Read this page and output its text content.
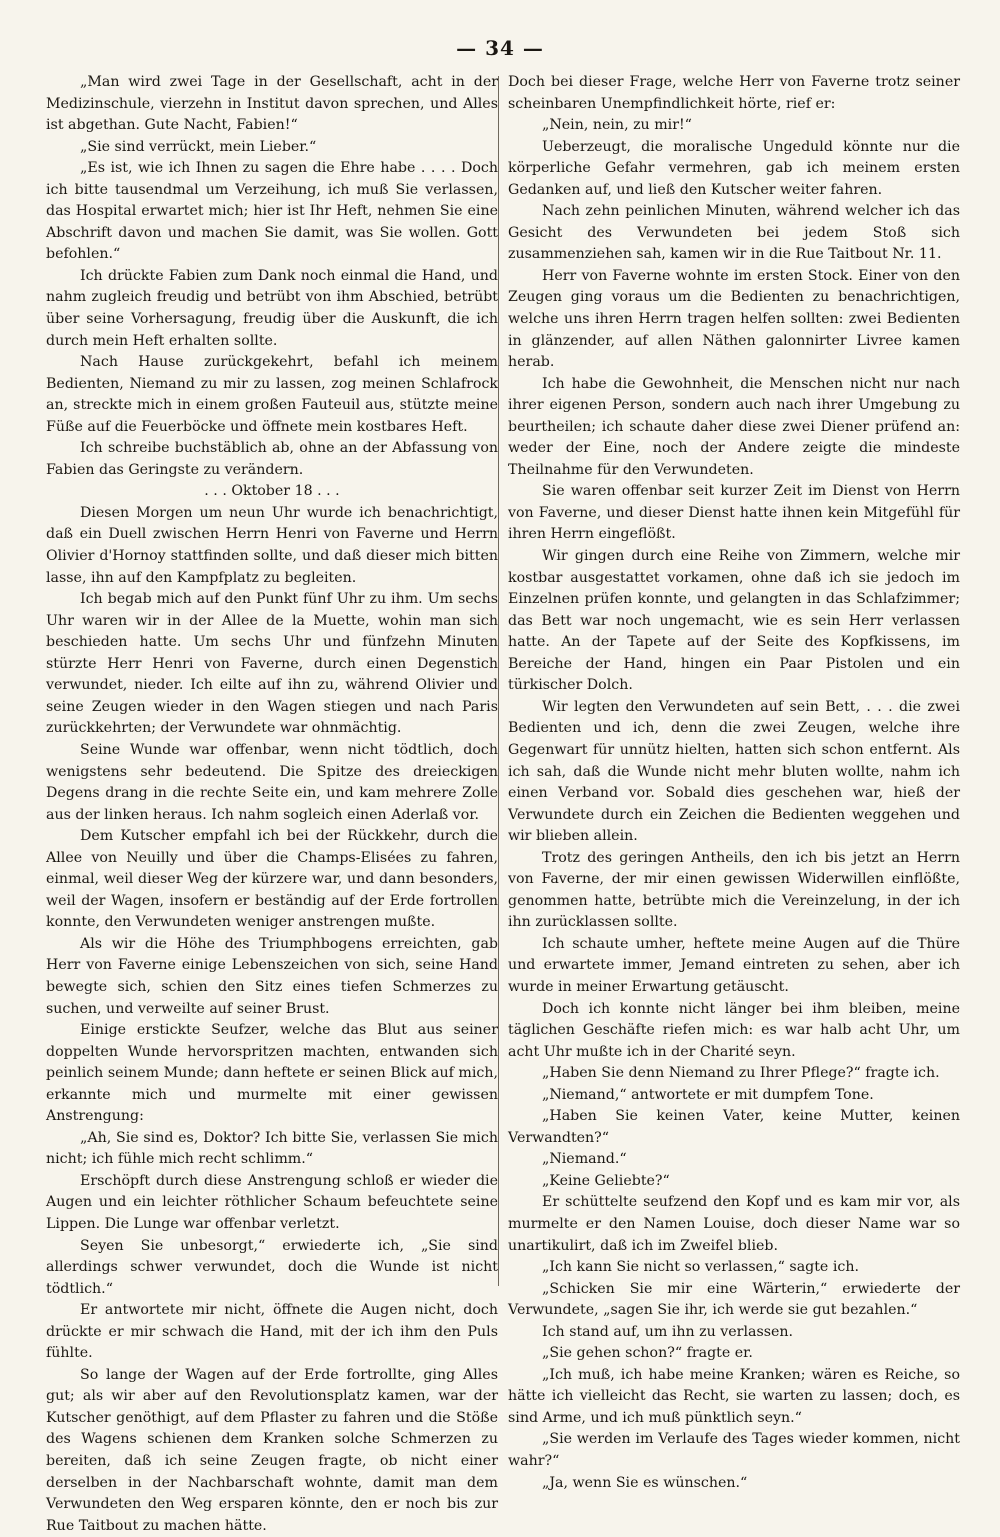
— 34 —

„Man wird zwei Tage in der Gesellschaft, acht in der Medizinschule, vierzehn in Institut davon sprechen, und Alles ist abgethan. Gute Nacht, Fabien!“

„Sie sind verrückt, mein Lieber.“

„Es ist, wie ich Ihnen zu sagen die Ehre habe . . . . Doch ich bitte tausendmal um Verzeihung, ich muß Sie verlassen, das Hospital erwartet mich; hier ist Ihr Heft, nehmen Sie eine Abschrift davon und machen Sie damit, was Sie wollen. Gott befohlen.“

Ich drückte Fabien zum Dank noch einmal die Hand, und nahm zugleich freudig und betrübt von ihm Abschied, betrübt über seine Vorhersagung, freudig über die Auskunft, die ich durch mein Heft erhalten sollte.

Nach Hause zurückgekehrt, befahl ich meinem Bedienten, Niemand zu mir zu lassen, zog meinen Schlafrock an, streckte mich in einem großen Fauteuil aus, stützte meine Füße auf die Feuerböcke und öffnete mein kostbares Heft.

Ich schreibe buchstäblich ab, ohne an der Abfassung von Fabien das Geringste zu verändern.

. . . Oktober 18 . . .

Diesen Morgen um neun Uhr wurde ich benachrichtigt, daß ein Duell zwischen Herrn Henri von Faverne und Herrn Olivier d'Hornoy stattfinden sollte, und daß dieser mich bitten lasse, ihn auf den Kampfplatz zu begleiten.

Ich begab mich auf den Punkt fünf Uhr zu ihm. Um sechs Uhr waren wir in der Allee de la Muette, wohin man sich beschieden hatte. Um sechs Uhr und fünfzehn Minuten stürzte Herr Henri von Faverne, durch einen Degenstich verwundet, nieder. Ich eilte auf ihn zu, während Olivier und seine Zeugen wieder in den Wagen stiegen und nach Paris zurückkehrten; der Verwundete war ohnmächtig.

Seine Wunde war offenbar, wenn nicht tödtlich, doch wenigstens sehr bedeutend. Die Spitze des dreieckigen Degens drang in die rechte Seite ein, und kam mehrere Zolle aus der linken heraus. Ich nahm sogleich einen Aderlaß vor.

Dem Kutscher empfahl ich bei der Rückkehr, durch die Allee von Neuilly und über die Champs-Elisées zu fahren, einmal, weil dieser Weg der kürzere war, und dann besonders, weil der Wagen, insofern er beständig auf der Erde fortrollen konnte, den Verwundeten weniger anstrengen mußte.

Als wir die Höhe des Triumphbogens erreichten, gab Herr von Faverne einige Lebenszeichen von sich, seine Hand bewegte sich, schien den Sitz eines tiefen Schmerzes zu suchen, und verweilte auf seiner Brust.

Einige erstickte Seufzer, welche das Blut aus seiner doppelten Wunde hervorspritzen machten, entwanden sich peinlich seinem Munde; dann heftete er seinen Blick auf mich, erkannte mich und murmelte mit einer gewissen Anstrengung:

„Ah, Sie sind es, Doktor? Ich bitte Sie, verlassen Sie mich nicht; ich fühle mich recht schlimm.“

Erschöpft durch diese Anstrengung schloß er wieder die Augen und ein leichter röthlicher Schaum befeuchtete seine Lippen. Die Lunge war offenbar verletzt.

Seyen Sie unbesorgt,“ erwiederte ich, „Sie sind allerdings schwer verwundet, doch die Wunde ist nicht tödtlich.“

Er antwortete mir nicht, öffnete die Augen nicht, doch drückte er mir schwach die Hand, mit der ich ihm den Puls fühlte.

So lange der Wagen auf der Erde fortrollte, ging Alles gut; als wir aber auf den Revolutionsplatz kamen, war der Kutscher genöthigt, auf dem Pflaster zu fahren und die Stöße des Wagens schienen dem Kranken solche Schmerzen zu bereiten, daß ich seine Zeugen fragte, ob nicht einer derselben in der Nachbarschaft wohnte, damit man dem Verwundeten den Weg ersparen könnte, den er noch bis zur Rue Taitbout zu machen hätte.

Doch bei dieser Frage, welche Herr von Faverne trotz seiner scheinbaren Unempfindlichkeit hörte, rief er:

„Nein, nein, zu mir!“

Ueberzeugt, die moralische Ungeduld könnte nur die körperliche Gefahr vermehren, gab ich meinem ersten Gedanken auf, und ließ den Kutscher weiter fahren.

Nach zehn peinlichen Minuten, während welcher ich das Gesicht des Verwundeten bei jedem Stoß sich zusammenziehen sah, kamen wir in die Rue Taitbout Nr. 11.

Herr von Faverne wohnte im ersten Stock. Einer von den Zeugen ging voraus um die Bedienten zu benachrichtigen, welche uns ihren Herrn tragen helfen sollten: zwei Bedienten in glänzender, auf allen Näthen galonnirter Livree kamen herab.

Ich habe die Gewohnheit, die Menschen nicht nur nach ihrer eigenen Person, sondern auch nach ihrer Umgebung zu beurtheilen; ich schaute daher diese zwei Diener prüfend an: weder der Eine, noch der Andere zeigte die mindeste Theilnahme für den Verwundeten.

Sie waren offenbar seit kurzer Zeit im Dienst von Herrn von Faverne, und dieser Dienst hatte ihnen kein Mitgefühl für ihren Herrn eingeflößt.

Wir gingen durch eine Reihe von Zimmern, welche mir kostbar ausgestattet vorkamen, ohne daß ich sie jedoch im Einzelnen prüfen konnte, und gelangten in das Schlafzimmer; das Bett war noch ungemacht, wie es sein Herr verlassen hatte. An der Tapete auf der Seite des Kopfkissens, im Bereiche der Hand, hingen ein Paar Pistolen und ein türkischer Dolch.

Wir legten den Verwundeten auf sein Bett, . . . die zwei Bedienten und ich, denn die zwei Zeugen, welche ihre Gegenwart für unnütz hielten, hatten sich schon entfernt. Als ich sah, daß die Wunde nicht mehr bluten wollte, nahm ich einen Verband vor. Sobald dies geschehen war, hieß der Verwundete durch ein Zeichen die Bedienten weggehen und wir blieben allein.

Trotz des geringen Antheils, den ich bis jetzt an Herrn von Faverne, der mir einen gewissen Widerwillen einflößte, genommen hatte, betrübte mich die Vereinzelung, in der ich ihn zurücklassen sollte.

Ich schaute umher, heftete meine Augen auf die Thüre und erwartete immer, Jemand eintreten zu sehen, aber ich wurde in meiner Erwartung getäuscht.

Doch ich konnte nicht länger bei ihm bleiben, meine täglichen Geschäfte riefen mich: es war halb acht Uhr, um acht Uhr mußte ich in der Charité seyn.

„Haben Sie denn Niemand zu Ihrer Pflege?“ fragte ich.

„Niemand,“ antwortete er mit dumpfem Tone.

„Haben Sie keinen Vater, keine Mutter, keinen Verwandten?“

„Niemand.“

„Keine Geliebte?“

Er schüttelte seufzend den Kopf und es kam mir vor, als murmelte er den Namen Louise, doch dieser Name war so unartikulirt, daß ich im Zweifel blieb.

„Ich kann Sie nicht so verlassen,“ sagte ich.

„Schicken Sie mir eine Wärterin,“ erwiederte der Verwundete, „sagen Sie ihr, ich werde sie gut bezahlen.“

Ich stand auf, um ihn zu verlassen.

„Sie gehen schon?“ fragte er.

„Ich muß, ich habe meine Kranken; wären es Reiche, so hätte ich vielleicht das Recht, sie warten zu lassen; doch, es sind Arme, und ich muß pünktlich seyn.“

„Sie werden im Verlaufe des Tages wieder kommen, nicht wahr?“

„Ja, wenn Sie es wünschen.“
